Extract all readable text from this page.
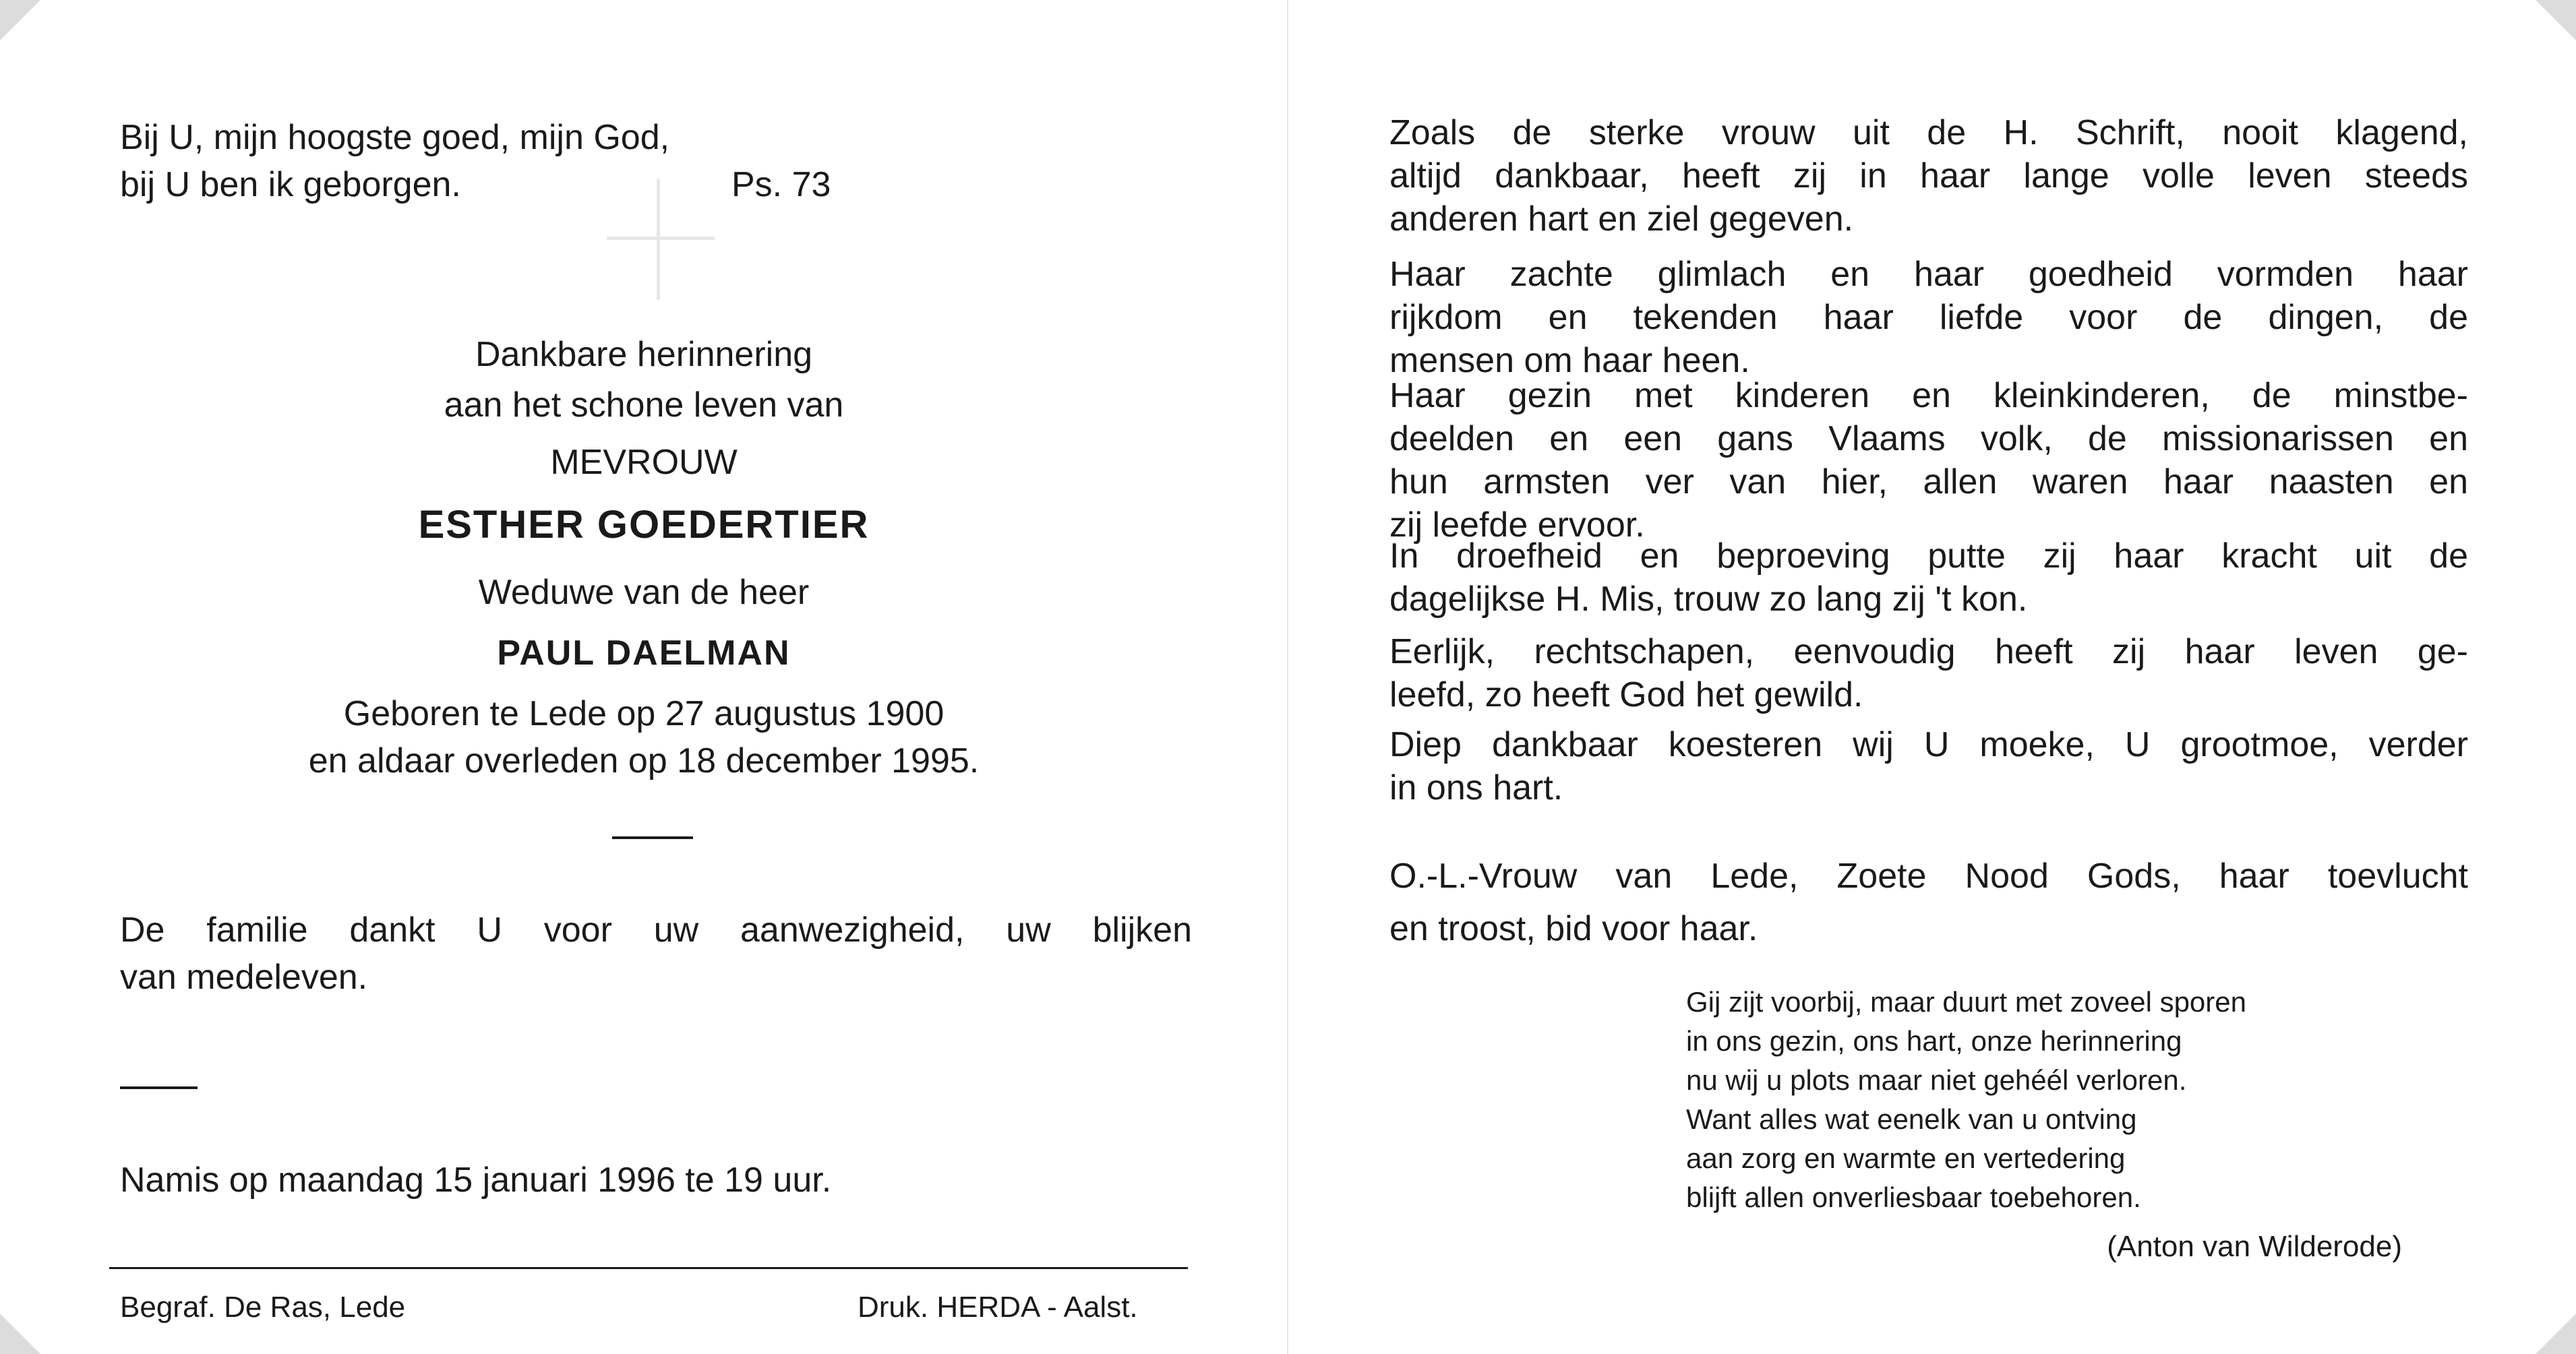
Bij U, mijn hoogste goed, mijn God,
bij U ben ik geborgen.	Ps. 73
Dankbare herinnering
aan het schone leven van
MEVROUW
ESTHER GOEDERTIER
Weduwe van de heer
PAUL DAELMAN
Geboren te Lede op 27 augustus 1900
en aldaar overleden op 18 december 1995.
De familie dankt U voor uw aanwezigheid, uw blijken
van medeleven.
Namis op maandag 15 januari 1996 te 19 uur.
Begraf. De Ras, Lede	Druk. HERDA - Aalst.
Zoals de sterke vrouw uit de H. Schrift, nooit klagend,
altijd dankbaar, heeft zij in haar lange volle leven steeds
anderen hart en ziel gegeven.
Haar zachte glimlach en haar goedheid vormden haar
rijkdom en tekenden haar liefde voor de dingen, de
mensen om haar heen.
Haar gezin met kinderen en kleinkinderen, de minstbe-
deelden en een gans Vlaams volk, de missionarissen en
hun armsten ver van hier, allen waren haar naasten en
zij leefde ervoor.
In droefheid en beproeving putte zij haar kracht uit de
dagelijkse H. Mis, trouw zo lang zij 't kon.
Eerlijk, rechtschapen, eenvoudig heeft zij haar leven ge-
leefd, zo heeft God het gewild.
Diep dankbaar koesteren wij U moeke, U grootmoe, verder
in ons hart.
O.-L.-Vrouw van Lede, Zoete Nood Gods, haar toevlucht
en troost, bid voor haar.
Gij zijt voorbij, maar duurt met zoveel sporen
in ons gezin, ons hart, onze herinnering
nu wij u plots maar niet gehéél verloren.
Want alles wat eenelk van u ontving
aan zorg en warmte en vertedering
blijft allen onverliesbaar toebehoren.
(Anton van Wilderode)
